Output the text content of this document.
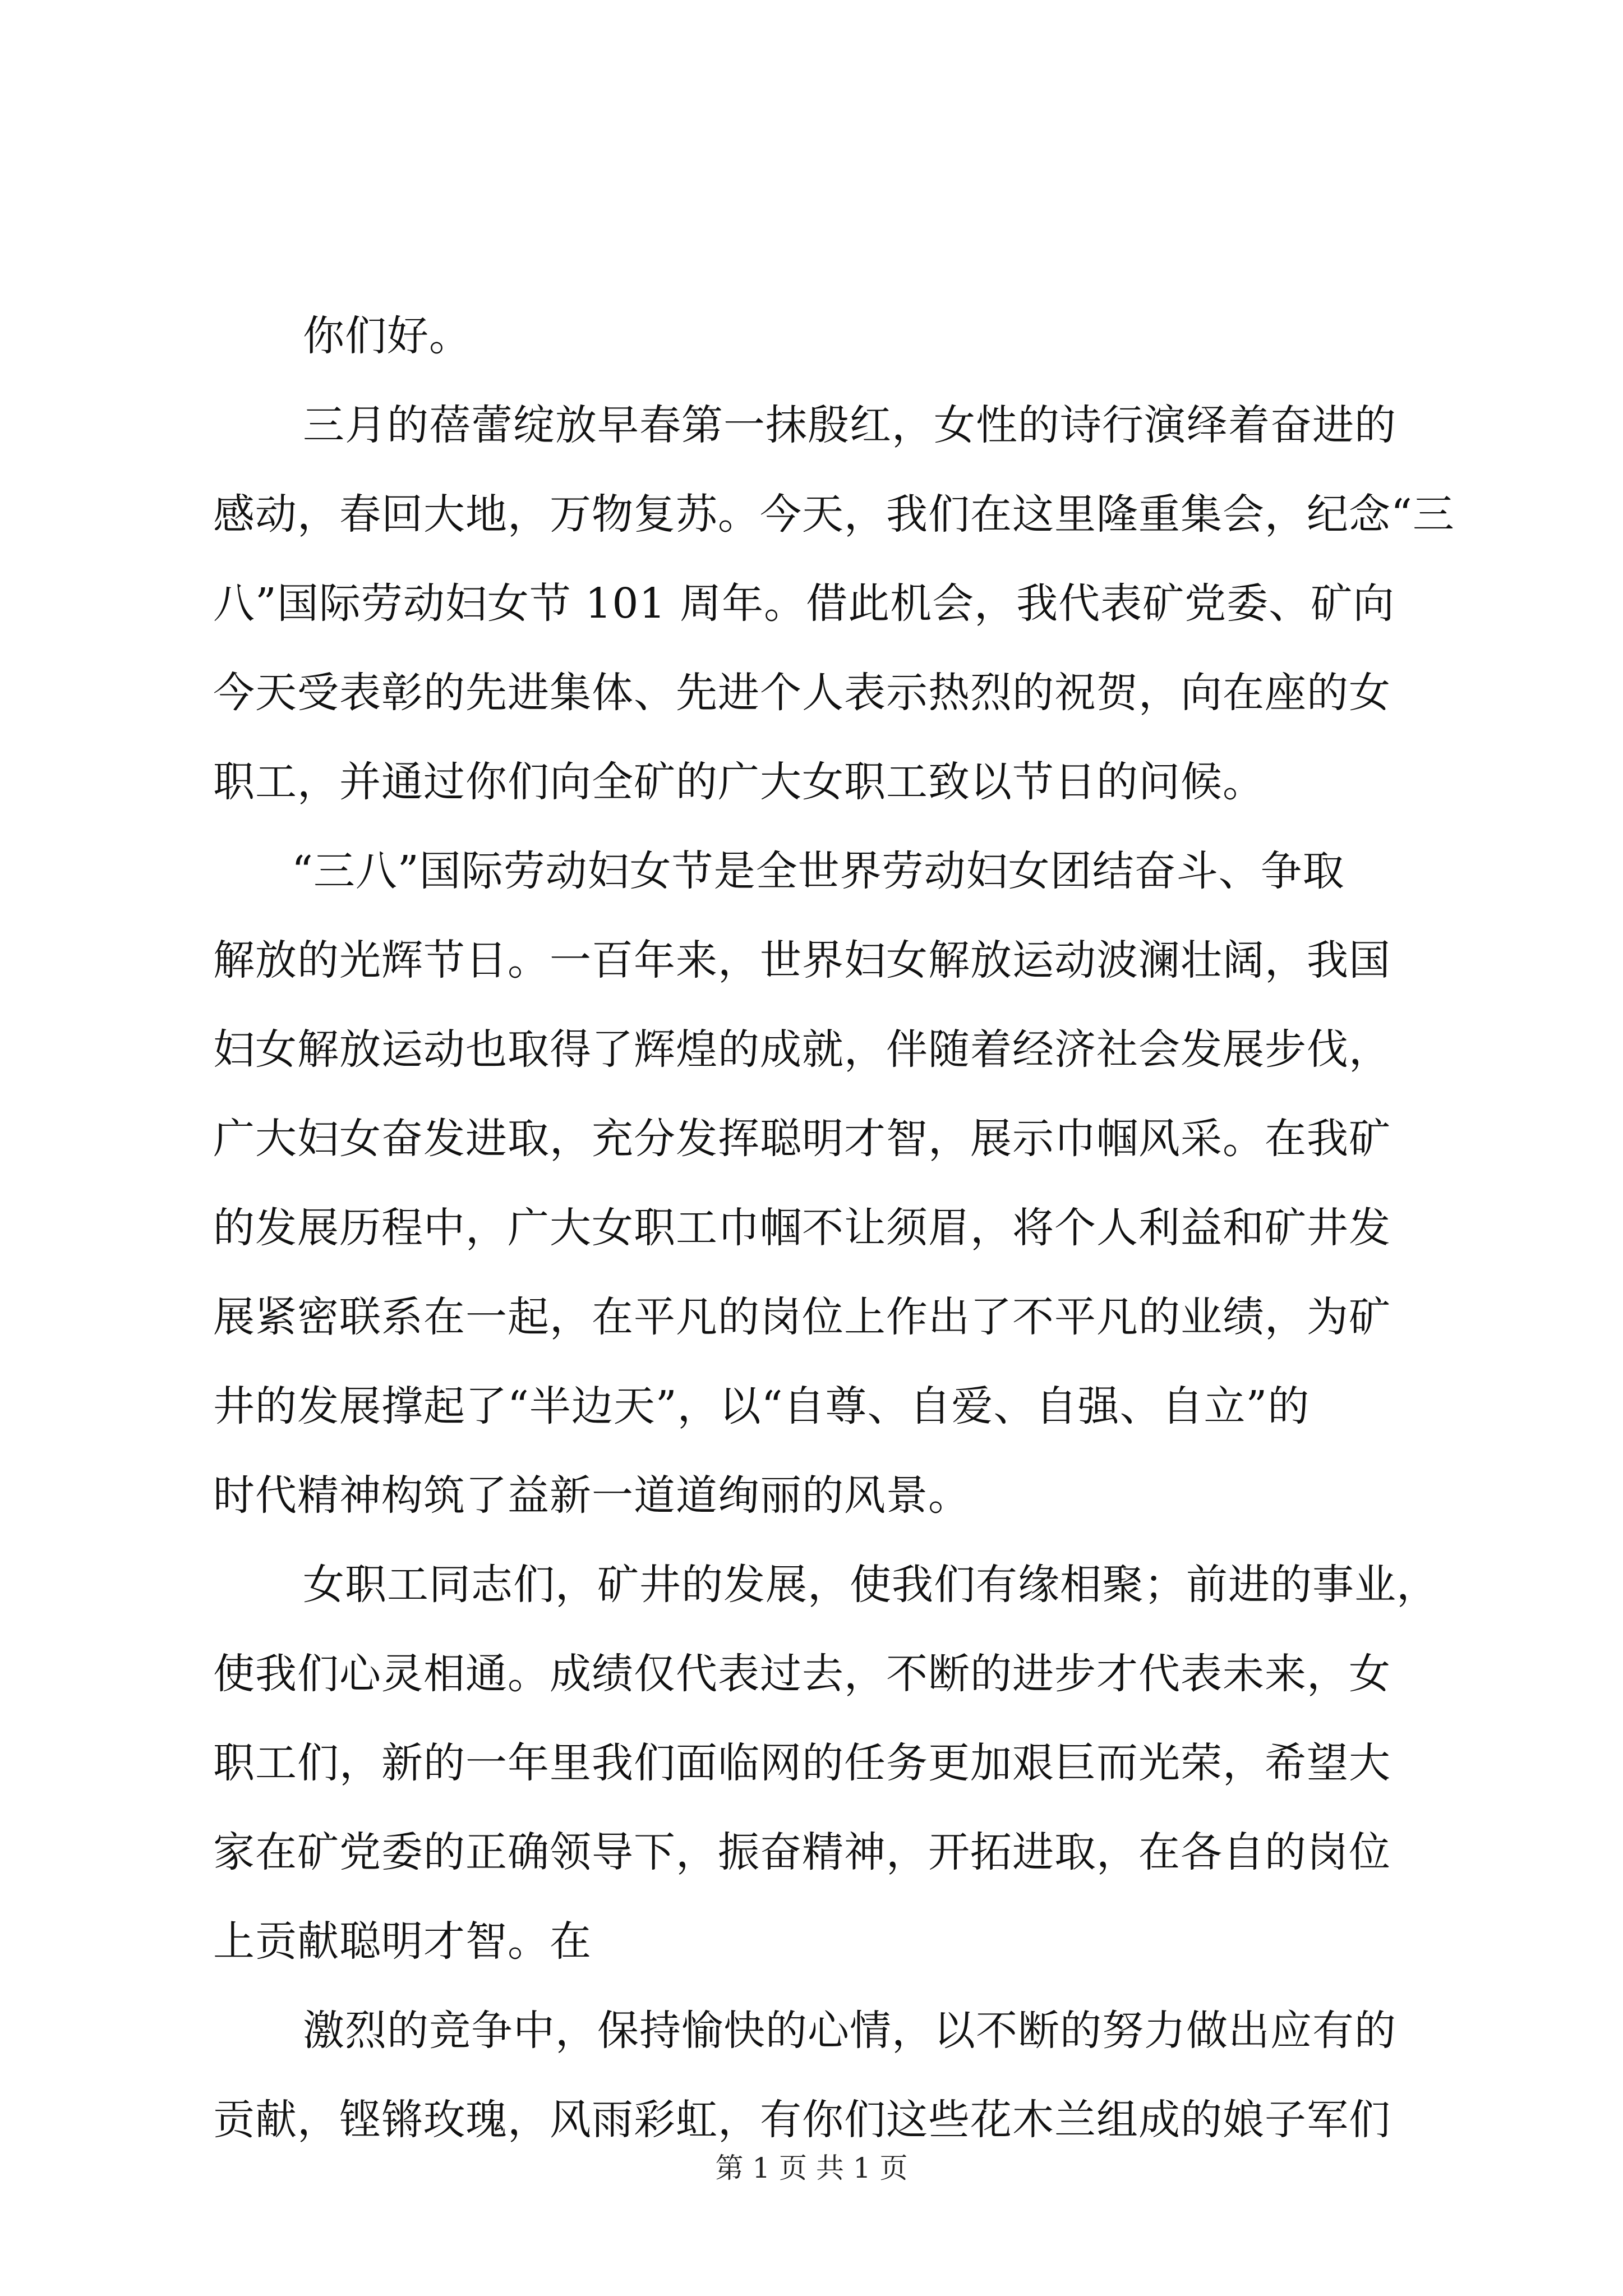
你们好。
三月的蓓蕾绽放早春第一抹殷红，女性的诗行演绎着奋进的
感动，春回大地，万物复苏。今天，我们在这里隆重集会，纪念“三
八”国际劳动妇女节 101 周年。借此机会，我代表矿党委、矿向
今天受表彰的先进集体、先进个人表示热烈的祝贺，向在座的女
职工，并通过你们向全矿的广大女职工致以节日的问候。
“三八”国际劳动妇女节是全世界劳动妇女团结奋斗、争取
解放的光辉节日。一百年来，世界妇女解放运动波澜壮阔，我国
妇女解放运动也取得了辉煌的成就，伴随着经济社会发展步伐，
广大妇女奋发进取，充分发挥聪明才智，展示巾帼风采。在我矿
的发展历程中，广大女职工巾帼不让须眉，将个人利益和矿井发
展紧密联系在一起，在平凡的岗位上作出了不平凡的业绩，为矿
井的发展撑起了“半边天”，以“自尊、自爱、自强、自立”的
时代精神构筑了益新一道道绚丽的风景。
女职工同志们，矿井的发展，使我们有缘相聚；前进的事业，
使我们心灵相通。成绩仅代表过去，不断的进步才代表未来，女
职工们，新的一年里我们面临网的任务更加艰巨而光荣，希望大
家在矿党委的正确领导下，振奋精神，开拓进取，在各自的岗位
上贡献聪明才智。在
激烈的竞争中，保持愉快的心情，以不断的努力做出应有的
贡献，铿锵玫瑰，风雨彩虹，有你们这些花木兰组成的娘子军们
第 1 页 共 1 页
